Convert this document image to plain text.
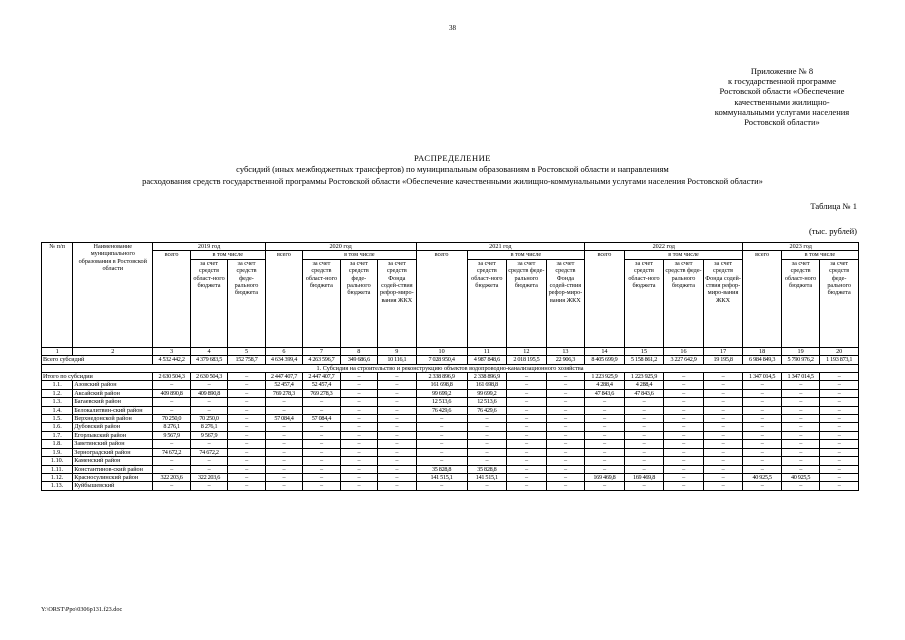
38
Приложение № 8
к государственной программе
Ростовской области «Обеспечение
качественными жилищно-
коммунальными услугами населения
Ростовской области»
РАСПРЕДЕЛЕНИЕ
субсидий (иных межбюджетных трансфертов) по муниципальным образованиям в Ростовской области и направлениям
расходования средств государственной программы Ростовской области «Обеспечение качественными жилищно-коммунальными услугами населения Ростовской области»
Таблица № 1
(тыс. рублей)
№ п/п	Наименование муниципального образования в Ростовской области	2019 год			2020 год				2021 год				2022 год				2023 год		
		всего	в том числе		всего	в том числе			всего	в том числе			всего	в том числе			всего	в том числе	
			за счет средств област-ного бюджета	за счет средств феде-рального бюджета		за счет средств област-ного бюджета	за счет средств феде-рального бюджета	за счет средств Фонда содей-ствия рефор-миро-вания ЖКХ		за счет средств област-ного бюджета	за счет средств феде-рального бюджета	за счет средств Фонда содей-ствия рефор-миро-вания ЖКХ		за счет средств област-ного бюджета	за счет средств феде-рального бюджета	за счет средств Фонда содей-ствия рефор-миро-вания ЖКХ		за счет средств област-ного бюджета	за счет средств феде-рального бюджета
1	2	3	4	5	6	7	8	9	10	11	12	13	14	15	16	17	18	19	20
Всего субсидий		4 532 442,2	4 379 683,5	152 758,7	4 634 399,4	4 263 596,7	349 686,6	10 116,1	7 028 950,4	4 987 848,6	2 018 195,5	22 906,3	8 405 699,9	5 158 861,2	3 227 642,9	19 195,8	6 984 849,3	5 790 976,2	1 193 873,1
1. Субсидия на строительство и реконструкцию объектов водопроводно-канализационного хозяйства																			
Итого по субсидии		2 630 504,3	2 630 504,3	–	2 447 407,7	2 447 407,7	–	–	2 338 896,9	2 338 896,9	–	–	1 223 925,9	1 223 925,9	–	–	1 347 014,5	1 347 014,5	–
1.1.	Азовский район	–	–	–	52 457,4	52 457,4	–	–	161 698,8	161 698,8	–	–	4 288,4	4 288,4	–	–	–	–	–
1.2.	Аксайский район	409 890,8	409 890,8	–	769 278,3	769 278,3	–	–	99 699,2	99 699,2	–	–	47 843,6	47 843,6	–	–	–	–	–
1.3.	Багаевский район	–	–	–	–	–	–	–	12 513,6	12 513,6	–	–	–	–	–	–	–	–	–
1.4.	Белокалитвин-ский район	–	–	–	–	–	–	–	76 429,6	76 429,6	–	–	–	–	–	–	–	–	–
1.5.	Верхнедонской район	70 250,0	70 250,0	–	57 084,4	57 084,4	–	–	–	–	–	–	–	–	–	–	–	–	–
1.6.	Дубовский район	8 276,1	8 276,1	–	–	–	–	–	–	–	–	–	–	–	–	–	–	–	–
1.7.	Егорлыкский район	9 567,9	9 567,9	–	–	–	–	–	–	–	–	–	–	–	–	–	–	–	–
1.8.	Заветинский район	–	–	–	–	–	–	–	–	–	–	–	–	–	–	–	–	–	–
1.9.	Зерноградский район	74 672,2	74 672,2	–	–	–	–	–	–	–	–	–	–	–	–	–	–	–	–
1.10.	Каменский район	–	–	–	–	–	–	–	–	–	–	–	–	–	–	–	–	–	–
1.11.	Константинов-ский район	–	–	–	–	–	–	–	35 828,8	35 828,8	–	–	–	–	–	–	–	–	–
1.12.	Красносулинский район	322 203,6	322 203,6	–	–	–	–	–	141 515,1	141 515,1	–	–	169 469,8	169 469,8	–	–	40 925,5	40 925,5	–
1.13.	Куйбышевский	–	–	–	–	–	–	–	–	–	–	–	–	–	–	–	–	–	–
Y:\ORST\Ppo\0306p131.f23.doc
